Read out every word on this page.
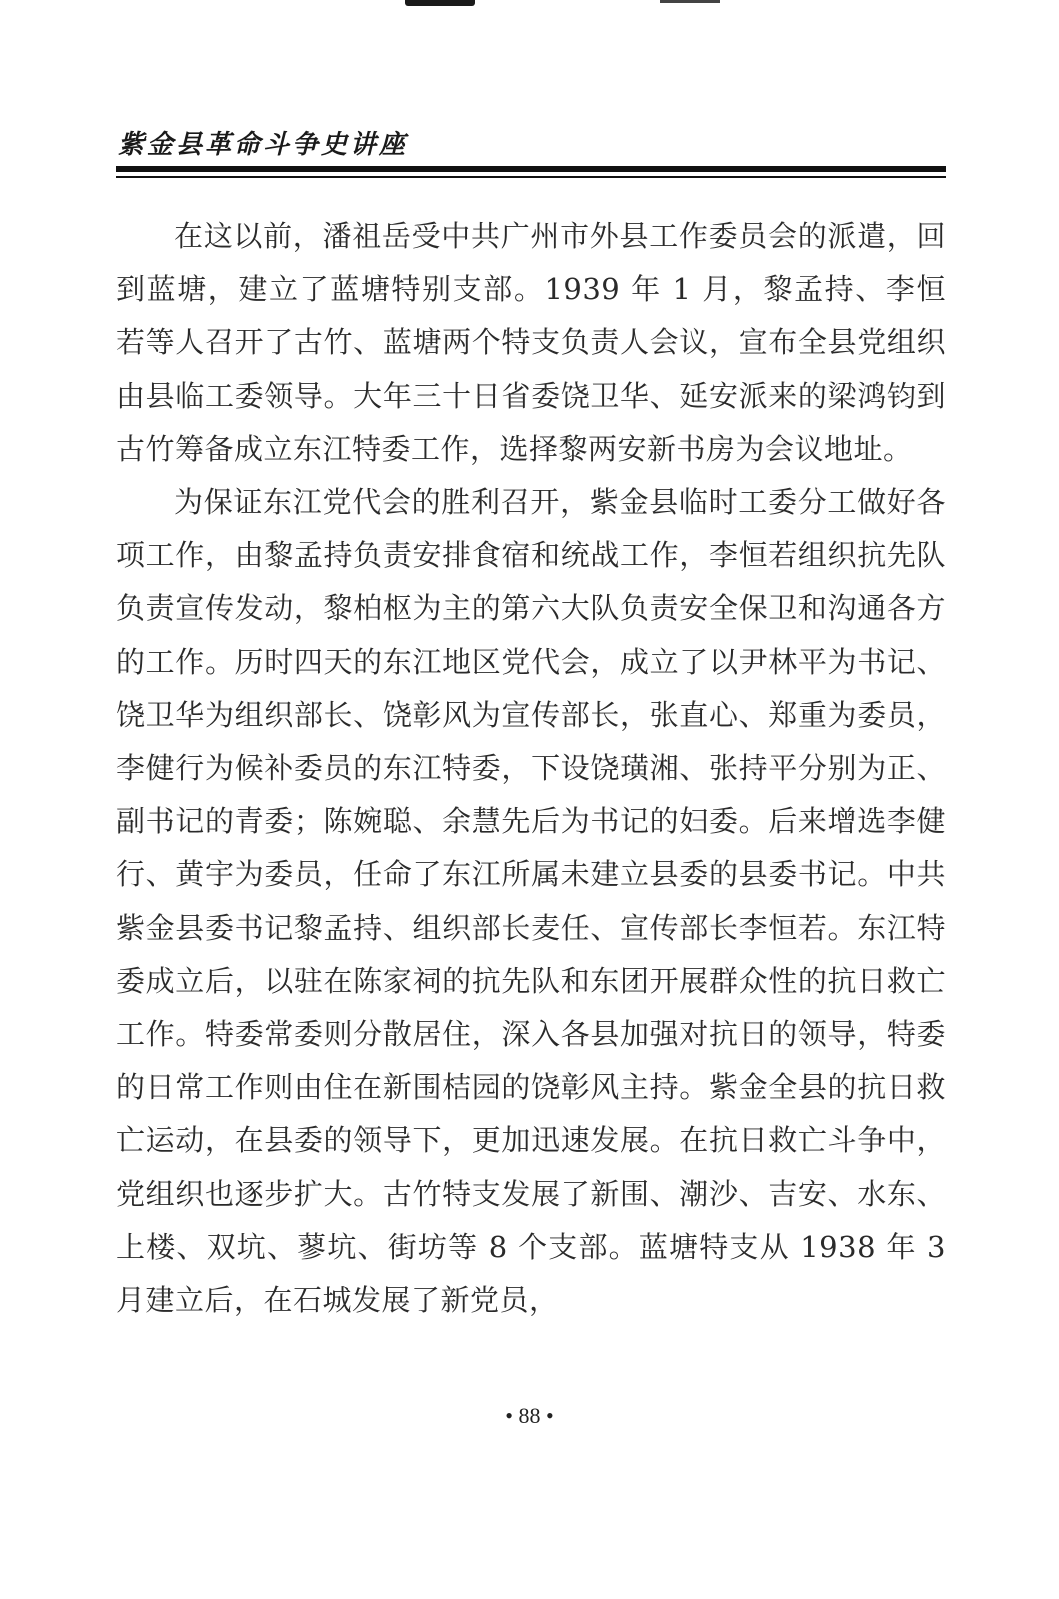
紫金县革命斗争史讲座

在这以前，潘祖岳受中共广州市外县工作委员会的派遣，回到蓝塘，建立了蓝塘特别支部。1939 年 1 月，黎孟持、李恒若等人召开了古竹、蓝塘两个特支负责人会议，宣布全县党组织由县临工委领导。大年三十日省委饶卫华、延安派来的梁鸿钧到古竹筹备成立东江特委工作，选择黎两安新书房为会议地址。

为保证东江党代会的胜利召开，紫金县临时工委分工做好各项工作，由黎孟持负责安排食宿和统战工作，李恒若组织抗先队负责宣传发动，黎柏枢为主的第六大队负责安全保卫和沟通各方的工作。历时四天的东江地区党代会，成立了以尹林平为书记、饶卫华为组织部长、饶彰风为宣传部长，张直心、郑重为委员，李健行为候补委员的东江特委，下设饶璜湘、张持平分别为正、副书记的青委；陈婉聪、余慧先后为书记的妇委。后来增选李健行、黄宇为委员，任命了东江所属未建立县委的县委书记。中共紫金县委书记黎孟持、组织部长麦任、宣传部长李恒若。东江特委成立后，以驻在陈家祠的抗先队和东团开展群众性的抗日救亡工作。特委常委则分散居住，深入各县加强对抗日的领导，特委的日常工作则由住在新围桔园的饶彰风主持。紫金全县的抗日救亡运动，在县委的领导下，更加迅速发展。在抗日救亡斗争中，党组织也逐步扩大。古竹特支发展了新围、潮沙、吉安、水东、上楼、双坑、蓼坑、街坊等 8 个支部。蓝塘特支从 1938 年 3 月建立后，在石城发展了新党员，

• 88 •
